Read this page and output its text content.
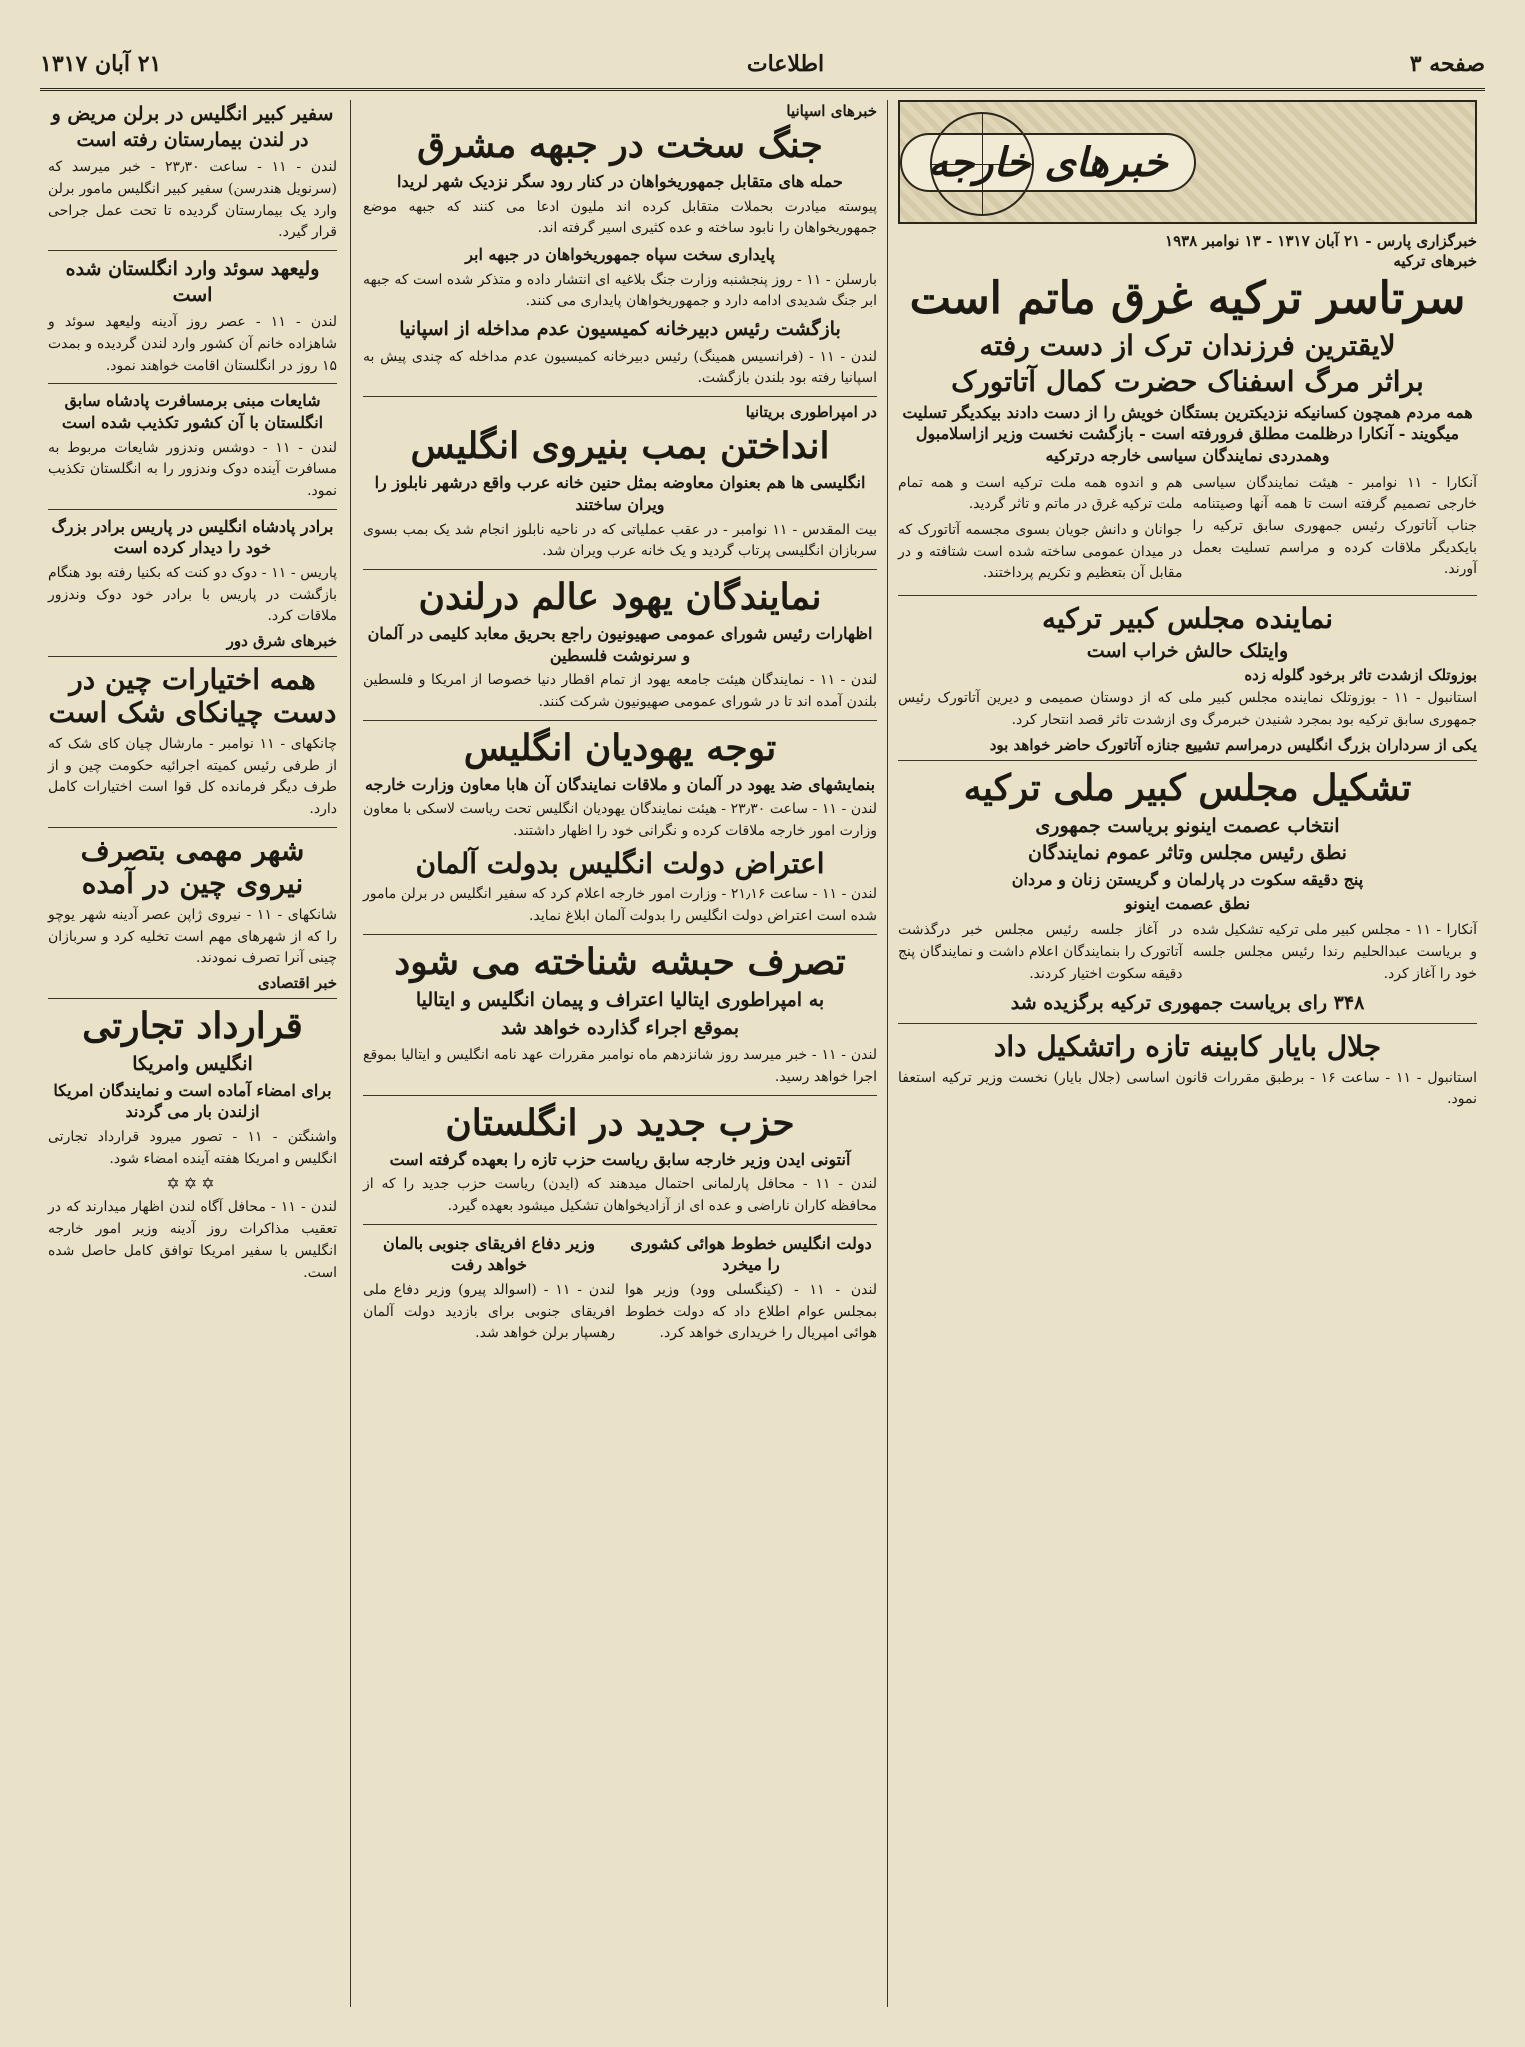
صفحه ۳
اطلاعات
۲۱ آبان ۱۳۱۷
خبرهای خارجه
خبرگزاری پارس - ۲۱ آبان ۱۳۱۷ - ۱۳ نوامبر ۱۹۳۸
خبرهای ترکیه
سرتاسر ترکیه غرق ماتم است
لایقترین فرزندان ترک از دست رفته
براثر مرگ اسفناک حضرت کمال آتاتورک
همه مردم همچون کسانیکه نزدیکترین بستگان خویش را از دست دادند بیکدیگر تسلیت میگویند - آنکارا درظلمت مطلق فرورفته است - بازگشت نخست وزیر ازاسلامبول وهمدردی نمایندگان سیاسی خارجه درترکیه

آنکارا - ۱۱ نوامبر - هیئت نمایندگان سیاسی خارجی تصمیم گرفته است تا همه آنها وصیتنامه جناب آتاتورک رئیس جمهوری سابق ترکیه را بایکدیگر ملاقات کرده و مراسم تسلیت بعمل آورند.

هم و اندوه همه ملت ترکیه است و همه تمام ملت ترکیه غرق در ماتم و تاثر گردید.

جوانان و دانش جویان بسوی مجسمه آتاتورک که در میدان عمومی ساخته شده است شتافته و در مقابل آن بتعظیم و تکریم پرداختند.

نماینده مجلس کبیر ترکیه
وایتلک حالش خراب است
بوزوتلک ازشدت تاثر برخود گلوله زده

استانبول - ۱۱ - بوزوتلک نماینده مجلس کبیر ملی که از دوستان صمیمی و دیرین آتاتورک رئیس جمهوری سابق ترکیه بود بمجرد شنیدن خبرمرگ وی ازشدت تاثر قصد انتحار کرد.

یکی از سرداران بزرگ انگلیس درمراسم تشییع جنازه آتاتورک حاضر خواهد بود
تشکیل مجلس کبیر ملی ترکیه
انتخاب عصمت اینونو بریاست جمهوری
نطق رئیس مجلس وتاثر عموم نمایندگان
پنج دقیقه سکوت در پارلمان و گریستن زنان و مردان
نطق عصمت اینونو

آنکارا - ۱۱ - مجلس کبیر ملی ترکیه تشکیل شده و بریاست عبدالحلیم رندا رئیس مجلس جلسه خود را آغاز کرد.

در آغاز جلسه رئیس مجلس خبر درگذشت آتاتورک را بنمایندگان اعلام داشت و نمایندگان پنج دقیقه سکوت اختیار کردند.

۳۴۸ رای بریاست جمهوری ترکیه برگزیده شد
جلال بایار کابینه تازه راتشکیل داد

استانبول - ۱۱ - ساعت ۱۶ - برطبق مقررات قانون اساسی (جلال بایار) نخست وزیر ترکیه استعفا نمود.

خبرهای اسپانیا
جنگ سخت در جبهه مشرق
حمله های متقابل جمهوریخواهان در کنار رود سگر نزدیک شهر لریدا

پیوسته میادرت بحملات متقابل کرده اند ملیون ادعا می کنند که جبهه موضع جمهوریخواهان را نابود ساخته و عده کثیری اسیر گرفته اند.

پایداری سخت سپاه جمهوریخواهان در جبهه ابر

بارسلن - ۱۱ - روز پنجشنبه وزارت جنگ بلاغیه ای انتشار داده و متذکر شده است که جبهه ابر جنگ شدیدی ادامه دارد و جمهوریخواهان پایداری می کنند.

بازگشت رئیس دبیرخانه کمیسیون عدم مداخله از اسپانیا

لندن - ۱۱ - (فرانسیس همینگ) رئیس دبیرخانه کمیسیون عدم مداخله که چندی پیش به اسپانیا رفته بود بلندن بازگشت.

در امپراطوری بریتانیا
انداختن بمب بنیروی انگلیس
انگلیسی ها هم بعنوان معاوضه بمثل حنین خانه عرب واقع درشهر نابلوز را ویران ساختند

بیت المقدس - ۱۱ نوامبر - در عقب عملیاتی که در ناحیه نابلوز انجام شد یک بمب بسوی سربازان انگلیسی پرتاب گردید و یک خانه عرب ویران شد.

نمایندگان یهود عالم درلندن
اظهارات رئیس شورای عمومی صهیونیون راجع بحریق معابد کلیمی در آلمان و سرنوشت فلسطین

لندن - ۱۱ - نمایندگان هیئت جامعه یهود از تمام اقطار دنیا خصوصا از امریکا و فلسطین بلندن آمده اند تا در شورای عمومی صهیونیون شرکت کنند.

توجه یهودیان انگلیس
بنمایشهای ضد یهود در آلمان و ملاقات نمایندگان آن هابا معاون وزارت خارجه

لندن - ۱۱ - ساعت ۲۳٫۳۰ - هیئت نمایندگان یهودیان انگلیس تحت ریاست لاسکی با معاون وزارت امور خارجه ملاقات کرده و نگرانی خود را اظهار داشتند.

اعتراض دولت انگلیس بدولت آلمان

لندن - ۱۱ - ساعت ۲۱٫۱۶ - وزارت امور خارجه اعلام کرد که سفیر انگلیس در برلن مامور شده است اعتراض دولت انگلیس را بدولت آلمان ابلاغ نماید.

تصرف حبشه شناخته می شود
به امپراطوری ایتالیا اعتراف و پیمان انگلیس و ایتالیا
بموقع اجراء گذارده خواهد شد

لندن - ۱۱ - خبر میرسد روز شانزدهم ماه نوامبر مقررات عهد نامه انگلیس و ایتالیا بموقع اجرا خواهد رسید.

حزب جدید در انگلستان
آنتونی ایدن وزیر خارجه سابق ریاست حزب تازه را بعهده گرفته است

لندن - ۱۱ - محافل پارلمانی احتمال میدهند که (ایدن) ریاست حزب جدید را که از محافظه کاران ناراضی و عده ای از آزادیخواهان تشکیل میشود بعهده گیرد.

دولت انگلیس خطوط هوائی کشوری را میخرد

لندن - ۱۱ - (کینگسلی وود) وزیر هوا بمجلس عوام اطلاع داد که دولت خطوط هوائی امپریال را خریداری خواهد کرد.

وزیر دفاع افریقای جنوبی بالمان خواهد رفت

لندن - ۱۱ - (اسوالد پیرو) وزیر دفاع ملی افریقای جنوبی برای بازدید دولت آلمان رهسپار برلن خواهد شد.

سفیر کبیر انگلیس در برلن مریض و در لندن بیمارستان رفته است

لندن - ۱۱ - ساعت ۲۳٫۳۰ - خبر میرسد که (سرنویل هندرسن) سفیر کبیر انگلیس مامور برلن وارد یک بیمارستان گردیده تا تحت عمل جراحی قرار گیرد.

ولیعهد سوئد وارد انگلستان شده است

لندن - ۱۱ - عصر روز آدینه ولیعهد سوئد و شاهزاده خانم آن کشور وارد لندن گردیده و بمدت ۱۵ روز در انگلستان اقامت خواهند نمود.

شایعات مبنی برمسافرت پادشاه سابق انگلستان با آن کشور تکذیب شده است

لندن - ۱۱ - دوشس وندزور شایعات مربوط به مسافرت آینده دوک وندزور را به انگلستان تکذیب نمود.

برادر پادشاه انگلیس در پاریس برادر بزرگ خود را دیدار کرده است

پاریس - ۱۱ - دوک دو کنت که بکنیا رفته بود هنگام بازگشت در پاریس با برادر خود دوک وندزور ملاقات کرد.

خبرهای شرق دور
همه اختیارات چین در دست چیانکای شک است

چانکهای - ۱۱ نوامبر - مارشال چیان کای شک که از طرفی رئیس کمیته اجرائیه حکومت چین و از طرف دیگر فرمانده کل قوا است اختیارات کامل دارد.

شهر مهمی بتصرف نیروی چین در آمده

شانکهای - ۱۱ - نیروی ژاپن عصر آدینه شهر یوچو را که از شهرهای مهم است تخلیه کرد و سربازان چینی آنرا تصرف نمودند.

خبر اقتصادی
قرارداد تجارتی
انگلیس وامریکا
برای امضاء آماده است و نمایندگان امریکا ازلندن بار می گردند

واشنگتن - ۱۱ - تصور میرود قرارداد تجارتی انگلیس و امریکا هفته آینده امضاء شود.

✡✡✡

لندن - ۱۱ - محافل آگاه لندن اظهار میدارند که در تعقیب مذاکرات روز آدینه وزیر امور خارجه انگلیس با سفیر امریکا توافق کامل حاصل شده است.
